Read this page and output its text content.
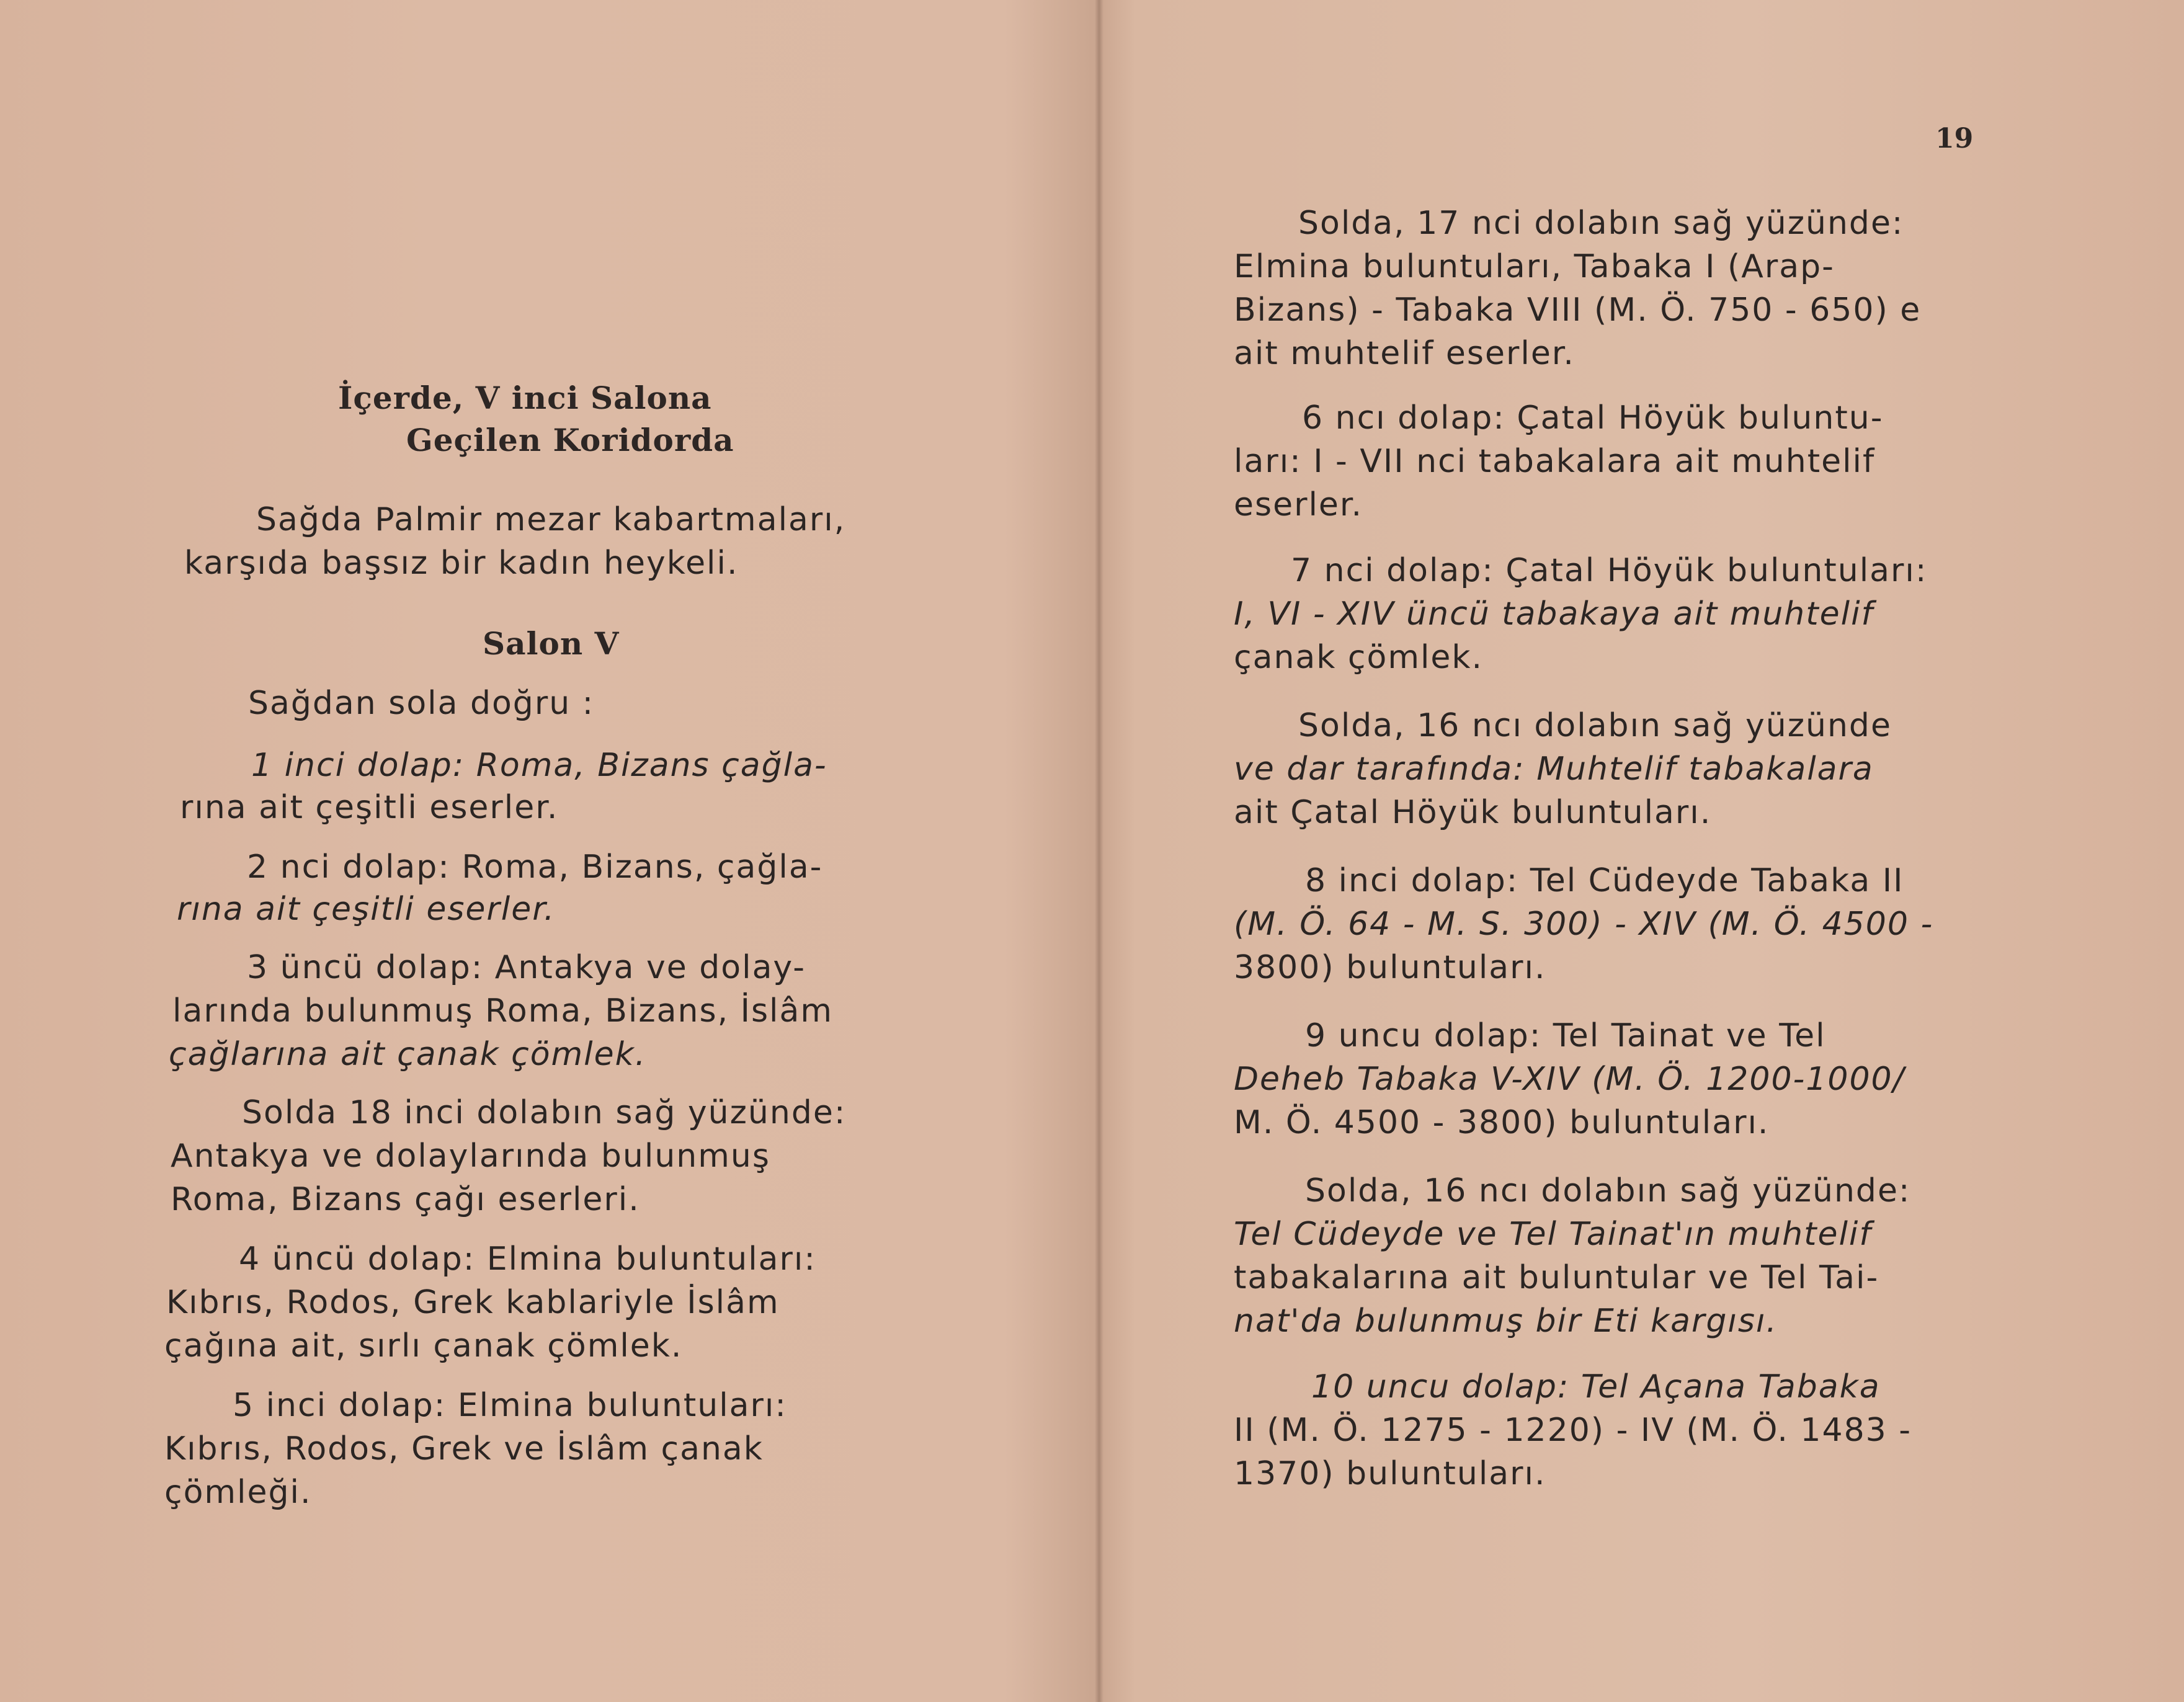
İçerde, V inci Salona
Geçilen Koridorda
Sağda Palmir mezar kabartmaları,
karşıda başsız bir kadın heykeli.
Salon V
Sağdan sola doğru :
1 inci dolap: Roma, Bizans çağla-
rına ait çeşitli eserler.
2 nci dolap: Roma, Bizans, çağla-
rına ait çeşitli eserler.
3 üncü dolap: Antakya ve dolay-
larında bulunmuş Roma, Bizans, İslâm
çağlarına ait çanak çömlek.
Solda 18 inci dolabın sağ yüzünde:
Antakya ve dolaylarında bulunmuş
Roma, Bizans çağı eserleri.
4 üncü dolap: Elmina buluntuları:
Kıbrıs, Rodos, Grek kablariyle İslâm
çağına ait, sırlı çanak çömlek.
5 inci dolap: Elmina buluntuları:
Kıbrıs, Rodos, Grek ve İslâm çanak
çömleği.
19
Solda, 17 nci dolabın sağ yüzünde:
Elmina buluntuları, Tabaka I (Arap-
Bizans) - Tabaka VIII (M. Ö. 750 - 650) e
ait muhtelif eserler.
6 ncı dolap: Çatal Höyük buluntu-
ları: I - VII nci tabakalara ait muhtelif
eserler.
7 nci dolap: Çatal Höyük buluntuları:
I, VI - XIV üncü tabakaya ait muhtelif
çanak çömlek.
Solda, 16 ncı dolabın sağ yüzünde
ve dar tarafında: Muhtelif tabakalara
ait Çatal Höyük buluntuları.
8 inci dolap: Tel Cüdeyde Tabaka II
(M. Ö. 64 - M. S. 300) - XIV (M. Ö. 4500 -
3800) buluntuları.
9 uncu dolap: Tel Tainat ve Tel
Deheb Tabaka V-XIV (M. Ö. 1200-1000/
M. Ö. 4500 - 3800) buluntuları.
Solda, 16 ncı dolabın sağ yüzünde:
Tel Cüdeyde ve Tel Tainat'ın muhtelif
tabakalarına ait buluntular ve Tel Tai-
nat'da bulunmuş bir Eti kargısı.
10 uncu dolap: Tel Açana Tabaka
II (M. Ö. 1275 - 1220) - IV (M. Ö. 1483 -
1370) buluntuları.
